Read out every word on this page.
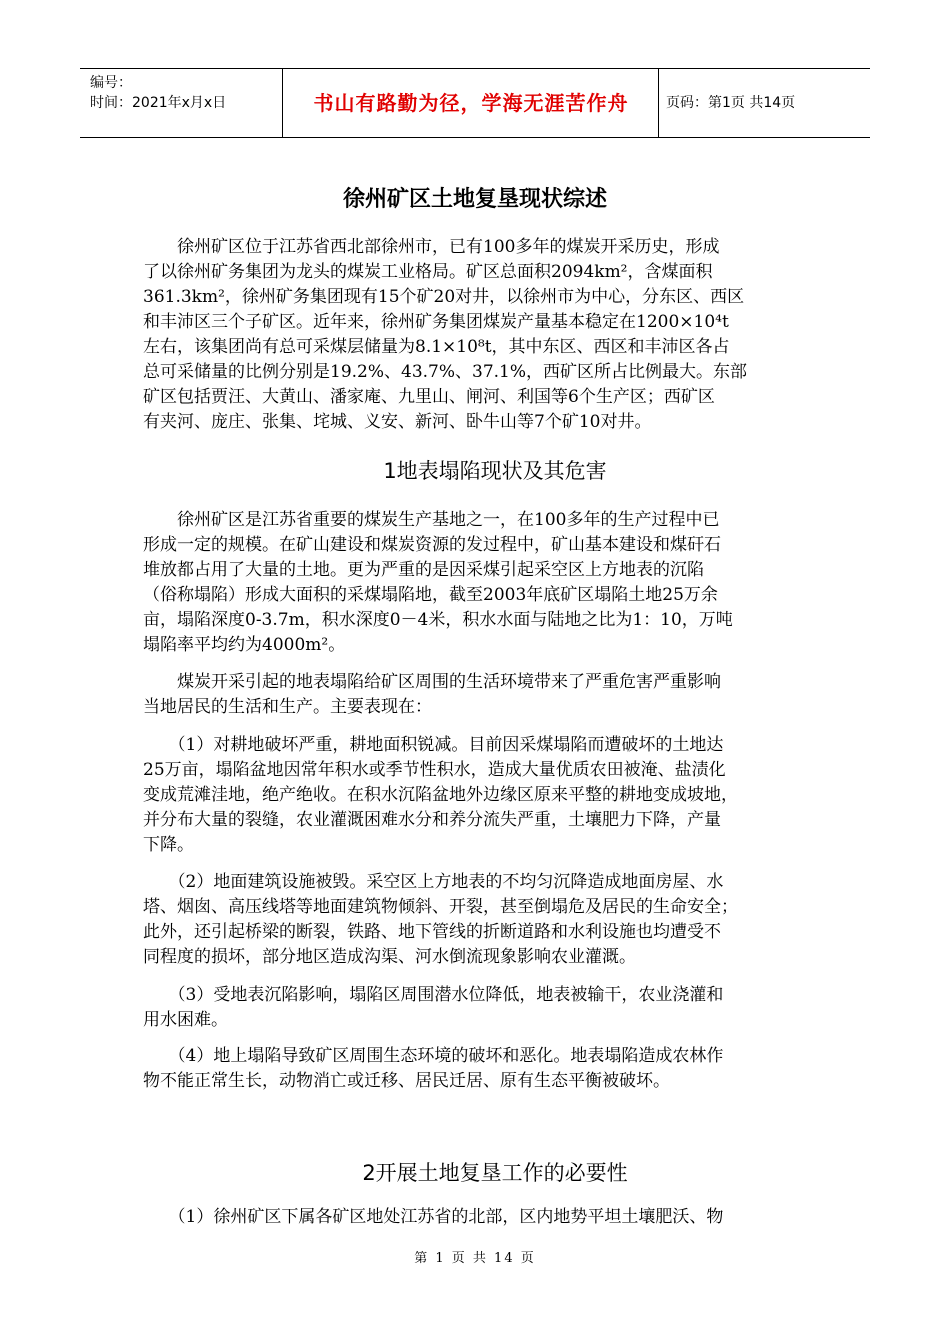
编号：
时间：2021年x月x日	书山有路勤为径，学海无涯苦作舟	页码：第1页 共14页
徐州矿区土地复垦现状综述
　　徐州矿区位于江苏省西北部徐州市，已有100多年的煤炭开采历史，形成
了以徐州矿务集团为龙头的煤炭工业格局。矿区总面积2094km²，含煤面积
361.3km²，徐州矿务集团现有15个矿20对井，以徐州市为中心，分东区、西区
和丰沛区三个子矿区。近年来，徐州矿务集团煤炭产量基本稳定在1200×10⁴t
左右，该集团尚有总可采煤层储量为8.1×10⁸t，其中东区、西区和丰沛区各占
总可采储量的比例分别是19.2%、43.7%、37.1%，西矿区所占比例最大。东部
矿区包括贾汪、大黄山、潘家庵、九里山、闸河、利国等6个生产区；西矿区
有夹河、庞庄、张集、垞城、义安、新河、卧牛山等7个矿10对井。
1地表塌陷现状及其危害
　　徐州矿区是江苏省重要的煤炭生产基地之一，在100多年的生产过程中已
形成一定的规模。在矿山建设和煤炭资源的发过程中，矿山基本建设和煤矸石
堆放都占用了大量的土地。更为严重的是因采煤引起采空区上方地表的沉陷
（俗称塌陷）形成大面积的采煤塌陷地，截至2003年底矿区塌陷土地25万余
亩，塌陷深度0-3.7m，积水深度0－4米，积水水面与陆地之比为1：10，万吨
塌陷率平均约为4000m²。
　　煤炭开采引起的地表塌陷给矿区周围的生活环境带来了严重危害严重影响
当地居民的生活和生产。主要表现在：
　　（1）对耕地破坏严重，耕地面积锐减。目前因采煤塌陷而遭破坏的土地达
25万亩，塌陷盆地因常年积水或季节性积水，造成大量优质农田被淹、盐渍化
变成荒滩洼地，绝产绝收。在积水沉陷盆地外边缘区原来平整的耕地变成坡地，
并分布大量的裂缝，农业灌溉困难水分和养分流失严重，土壤肥力下降，产量
下降。
　　（2）地面建筑设施被毁。采空区上方地表的不均匀沉降造成地面房屋、水
塔、烟囱、高压线塔等地面建筑物倾斜、开裂，甚至倒塌危及居民的生命安全；
此外，还引起桥梁的断裂，铁路、地下管线的折断道路和水利设施也均遭受不
同程度的损坏，部分地区造成沟渠、河水倒流现象影响农业灌溉。
　　（3）受地表沉陷影响，塌陷区周围潜水位降低，地表被输干，农业浇灌和
用水困难。
　　（4）地上塌陷导致矿区周围生态环境的破坏和恶化。地表塌陷造成农林作
物不能正常生长，动物消亡或迁移、居民迁居、原有生态平衡被破坏。
2开展土地复垦工作的必要性
　　（1）徐州矿区下属各矿区地处江苏省的北部，区内地势平坦土壤肥沃、物
第 1 页 共 14 页
